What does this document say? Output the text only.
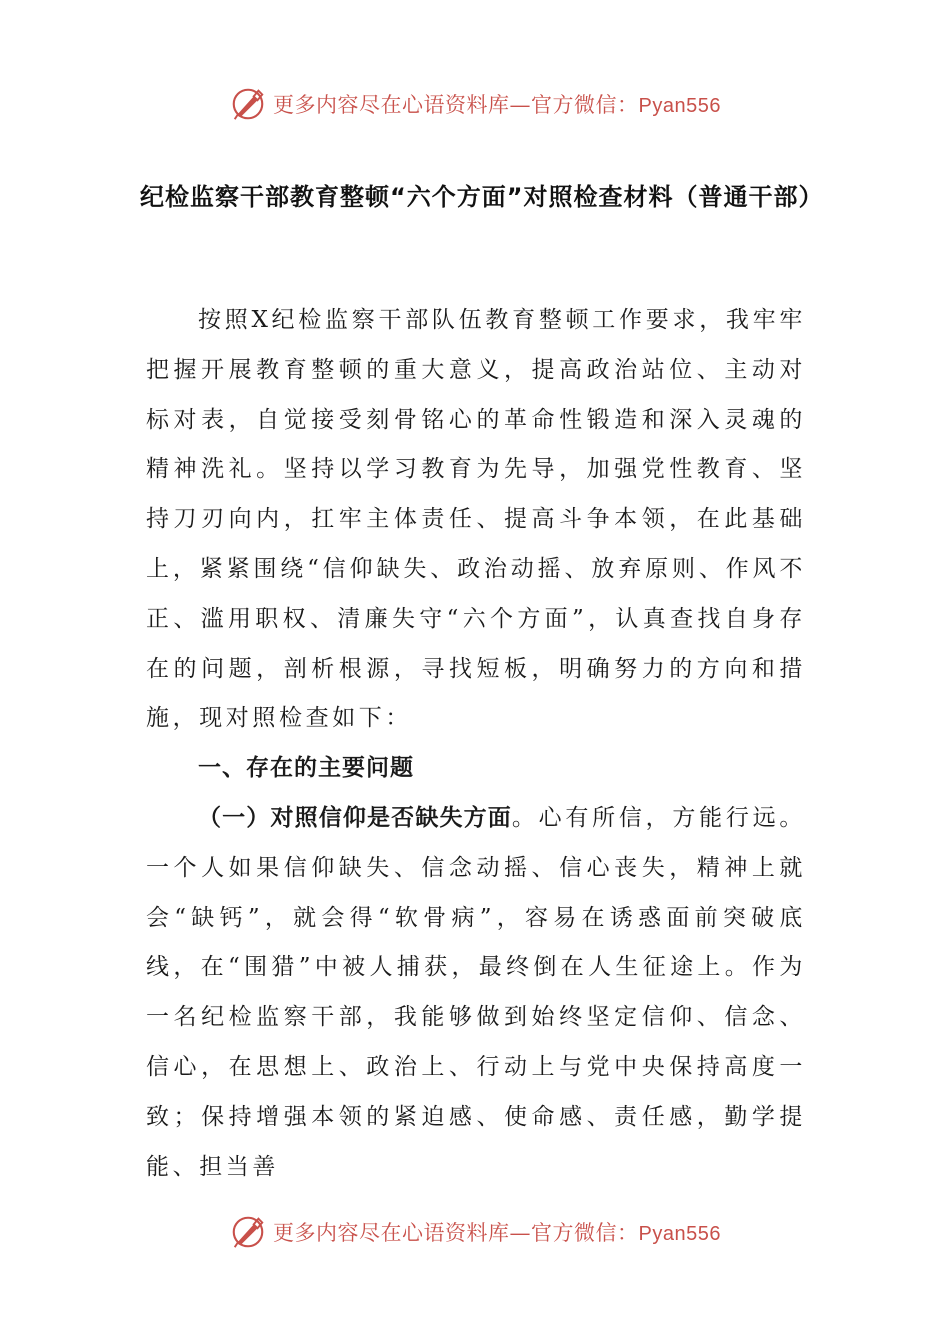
更多内容尽在心语资料库—官方微信：Pyan556
纪检监察干部教育整顿“六个方面”对照检查材料（普通干部）

按照X纪检监察干部队伍教育整顿工作要求，我牢牢把握开展教育整顿的重大意义，提高政治站位、主动对标对表，自觉接受刻骨铭心的革命性锻造和深入灵魂的精神洗礼。坚持以学习教育为先导，加强党性教育、坚持刀刃向内，扛牢主体责任、提高斗争本领，在此基础上，紧紧围绕“信仰缺失、政治动摇、放弃原则、作风不正、滥用职权、清廉失守“六个方面”，认真查找自身存在的问题，剖析根源，寻找短板，明确努力的方向和措施，现对照检查如下：

一、存在的主要问题

（一）对照信仰是否缺失方面。心有所信，方能行远。一个人如果信仰缺失、信念动摇、信心丧失，精神上就会“缺钙”，就会得“软骨病”，容易在诱惑面前突破底线，在“围猎”中被人捕获，最终倒在人生征途上。作为一名纪检监察干部，我能够做到始终坚定信仰、信念、信心，在思想上、政治上、行动上与党中央保持高度一致；保持增强本领的紧迫感、使命感、责任感，勤学提能、担当善

更多内容尽在心语资料库—官方微信：Pyan556
